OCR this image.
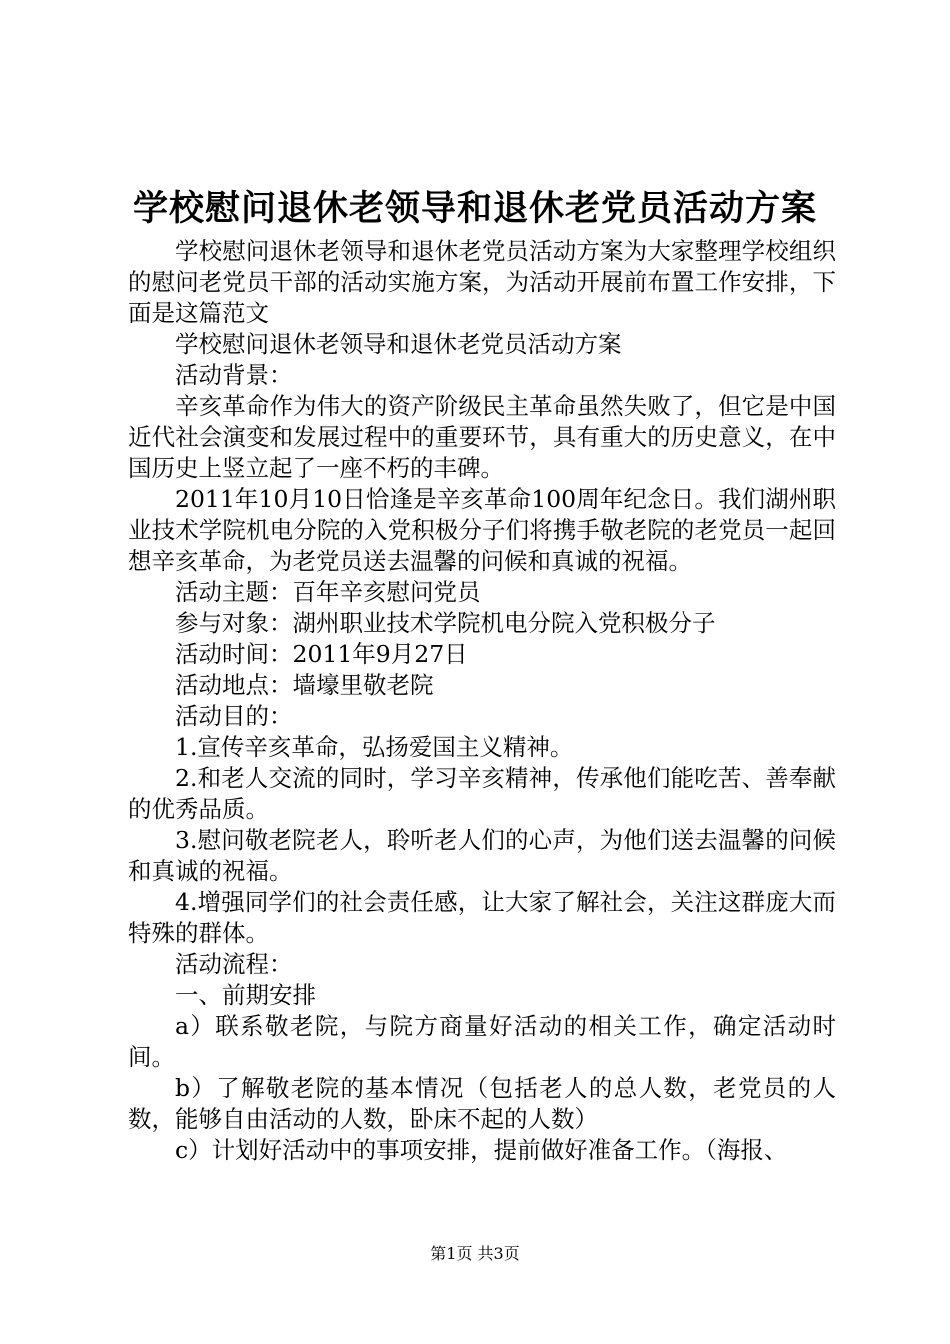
学校慰问退休老领导和退休老党员活动方案

学校慰问退休老领导和退休老党员活动方案为大家整理学校组织的慰问老党员干部的活动实施方案，为活动开展前布置工作安排，下面是这篇范文

学校慰问退休老领导和退休老党员活动方案

活动背景：

辛亥革命作为伟大的资产阶级民主革命虽然失败了，但它是中国近代社会演变和发展过程中的重要环节，具有重大的历史意义，在中国历史上竖立起了一座不朽的丰碑。

2011年10月10日恰逢是辛亥革命100周年纪念日。我们湖州职业技术学院机电分院的入党积极分子们将携手敬老院的老党员一起回想辛亥革命，为老党员送去温馨的问候和真诚的祝福。

活动主题：百年辛亥慰问党员

参与对象：湖州职业技术学院机电分院入党积极分子

活动时间：2011年9月27日

活动地点：墙壕里敬老院

活动目的：

1.宣传辛亥革命，弘扬爱国主义精神。

2.和老人交流的同时，学习辛亥精神，传承他们能吃苦、善奉献的优秀品质。

3.慰问敬老院老人，聆听老人们的心声，为他们送去温馨的问候和真诚的祝福。

4.增强同学们的社会责任感，让大家了解社会，关注这群庞大而特殊的群体。

活动流程：

一、前期安排

a）联系敬老院，与院方商量好活动的相关工作，确定活动时间。

b）了解敬老院的基本情况（包括老人的总人数，老党员的人数，能够自由活动的人数，卧床不起的人数）

c）计划好活动中的事项安排，提前做好准备工作。（海报、

第1页 共3页
